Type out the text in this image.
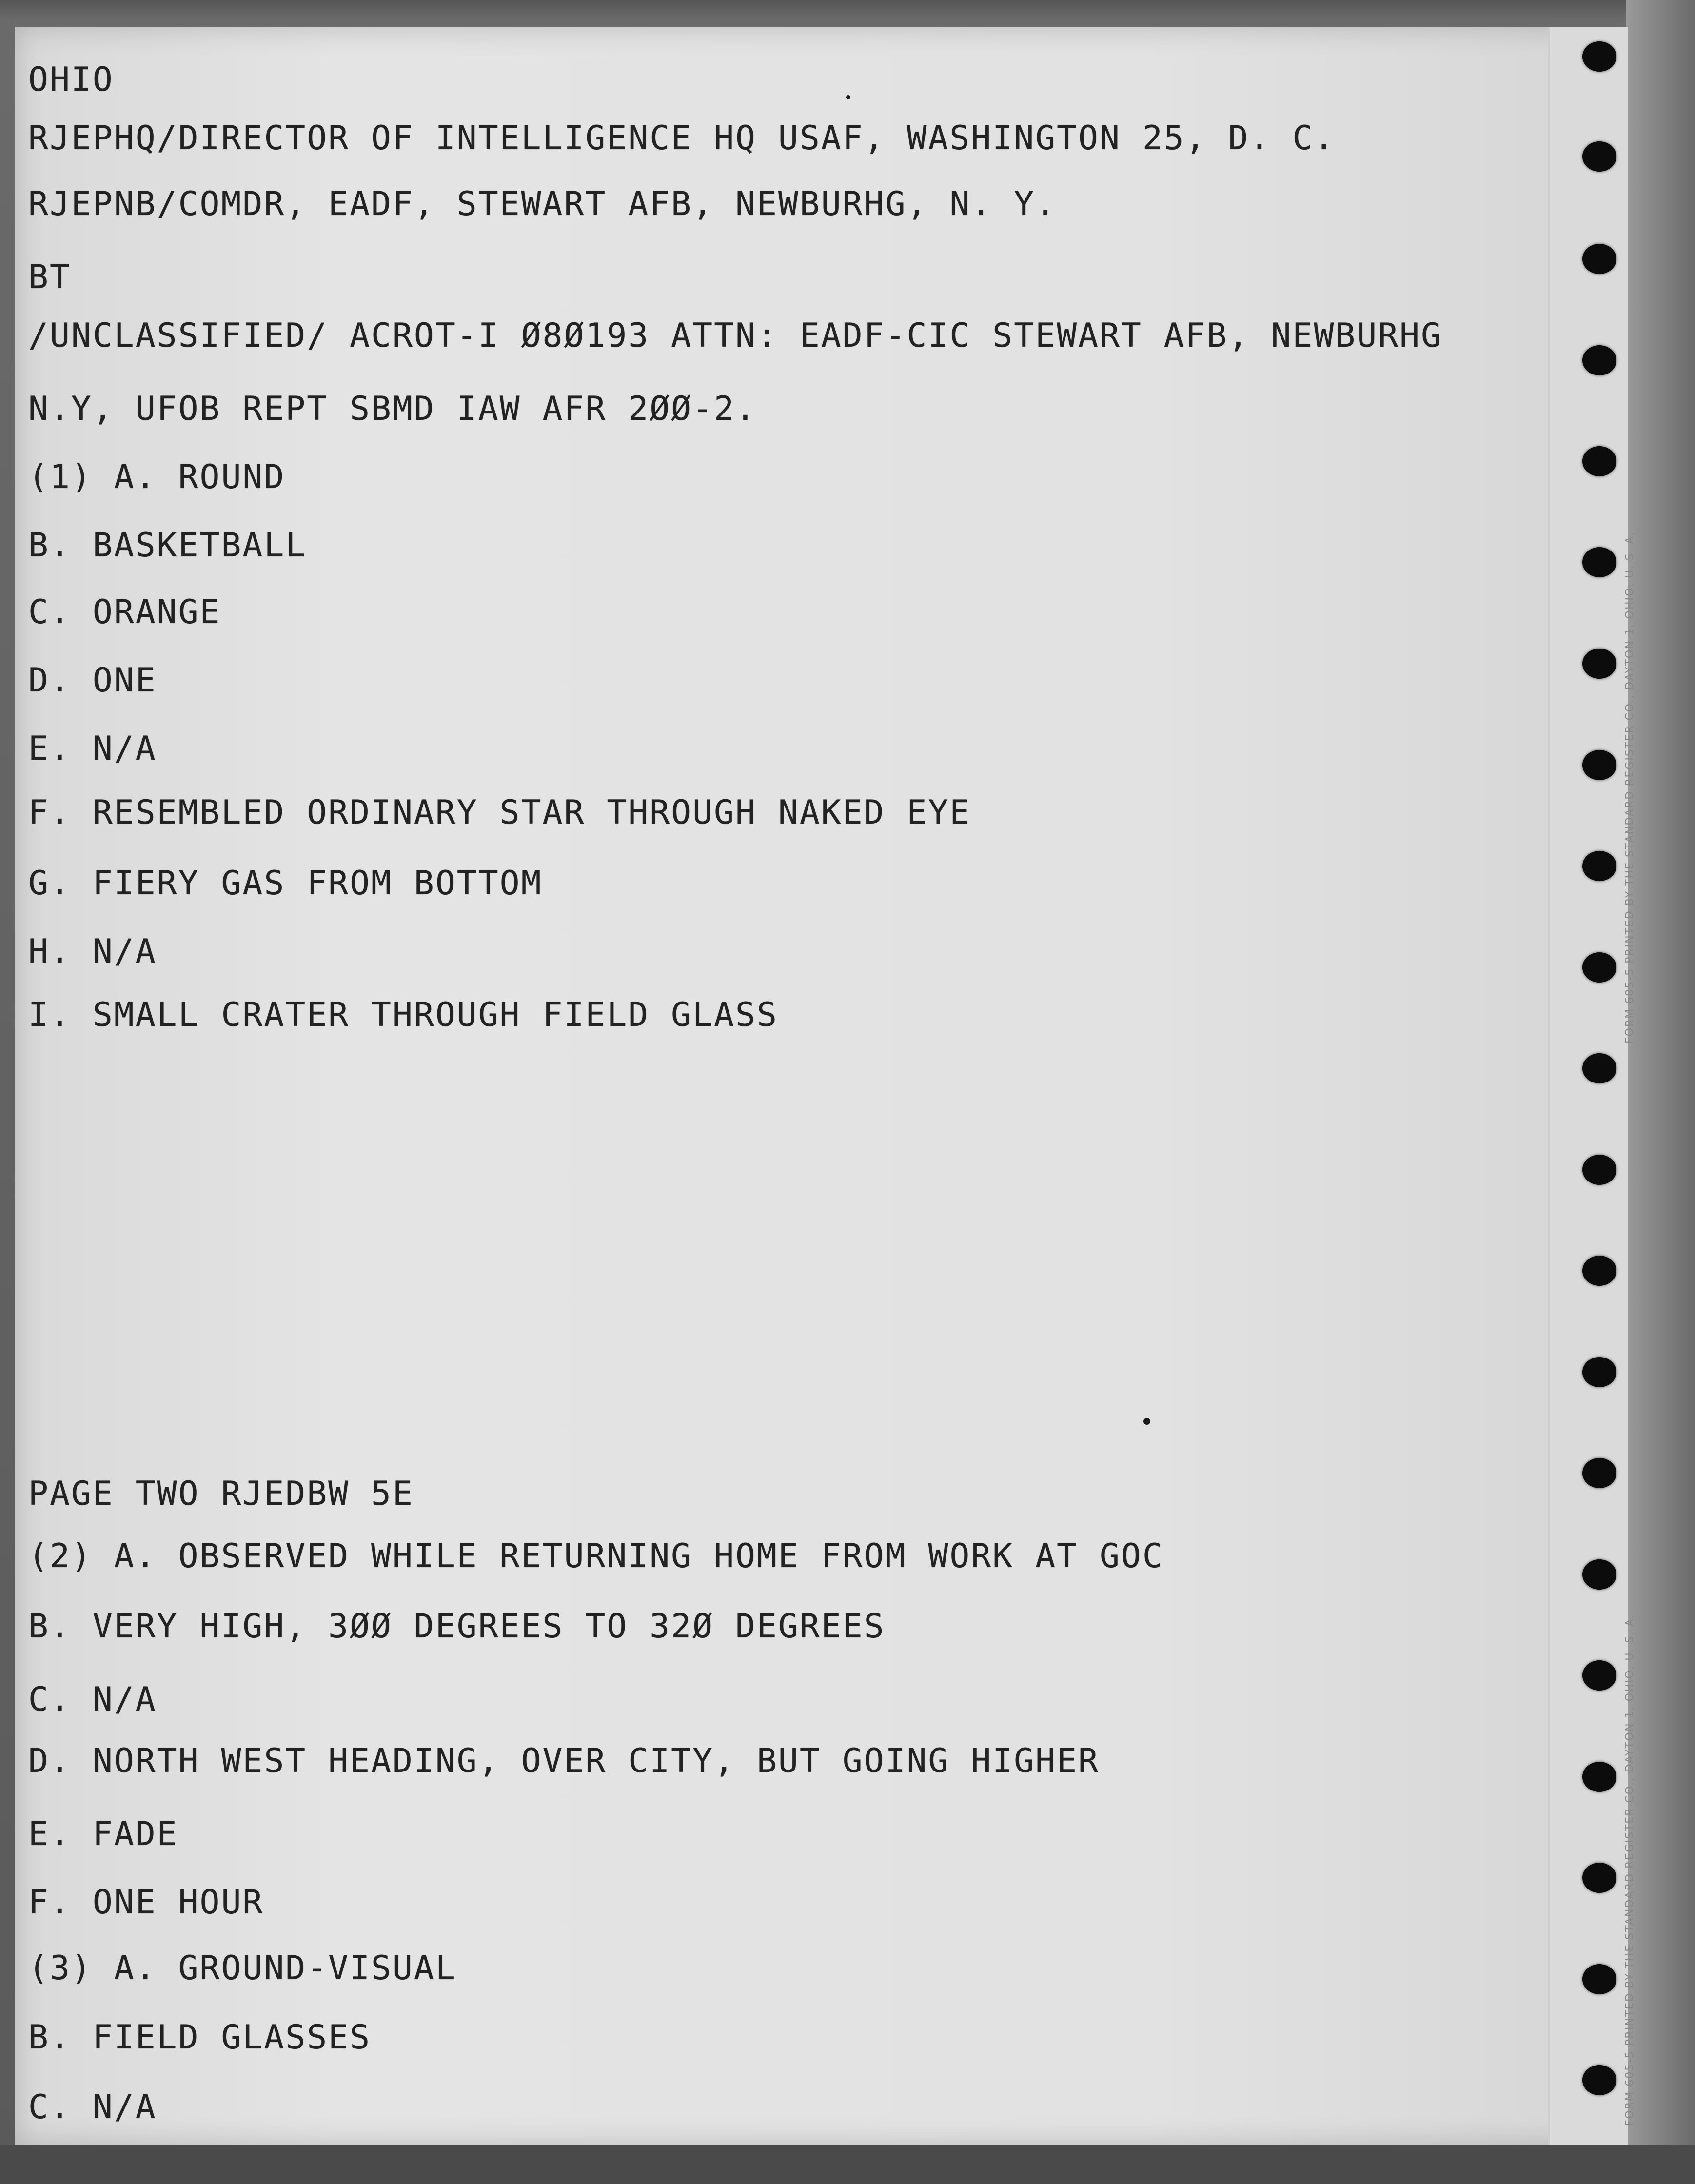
FORM 605-5 PRINTED BY THE STANDARD REGISTER CO., DAYTON 1, OHIO, U. S. A.
FORM 605-5 PRINTED BY THE STANDARD REGISTER CO., DAYTON 1, OHIO, U. S. A.
OHIO
RJEPHQ/DIRECTOR OF INTELLIGENCE HQ USAF, WASHINGTON 25, D. C.
RJEPNB/COMDR, EADF, STEWART AFB, NEWBURHG, N. Y.
BT
/UNCLASSIFIED/ ACROT-I Ø8Ø193 ATTN: EADF-CIC STEWART AFB, NEWBURHG
N.Y, UFOB REPT SBMD IAW AFR 2ØØ-2.
(1) A. ROUND
B. BASKETBALL
C. ORANGE
D. ONE
E. N/A
F. RESEMBLED ORDINARY STAR THROUGH NAKED EYE
G. FIERY GAS FROM BOTTOM
H. N/A
I. SMALL CRATER THROUGH FIELD GLASS
PAGE TWO RJEDBW 5E
(2) A. OBSERVED WHILE RETURNING HOME FROM WORK AT GOC
B. VERY HIGH, 3ØØ DEGREES TO 32Ø DEGREES
C. N/A
D. NORTH WEST HEADING, OVER CITY, BUT GOING HIGHER
E. FADE
F. ONE HOUR
(3) A. GROUND-VISUAL
B. FIELD GLASSES
C. N/A
